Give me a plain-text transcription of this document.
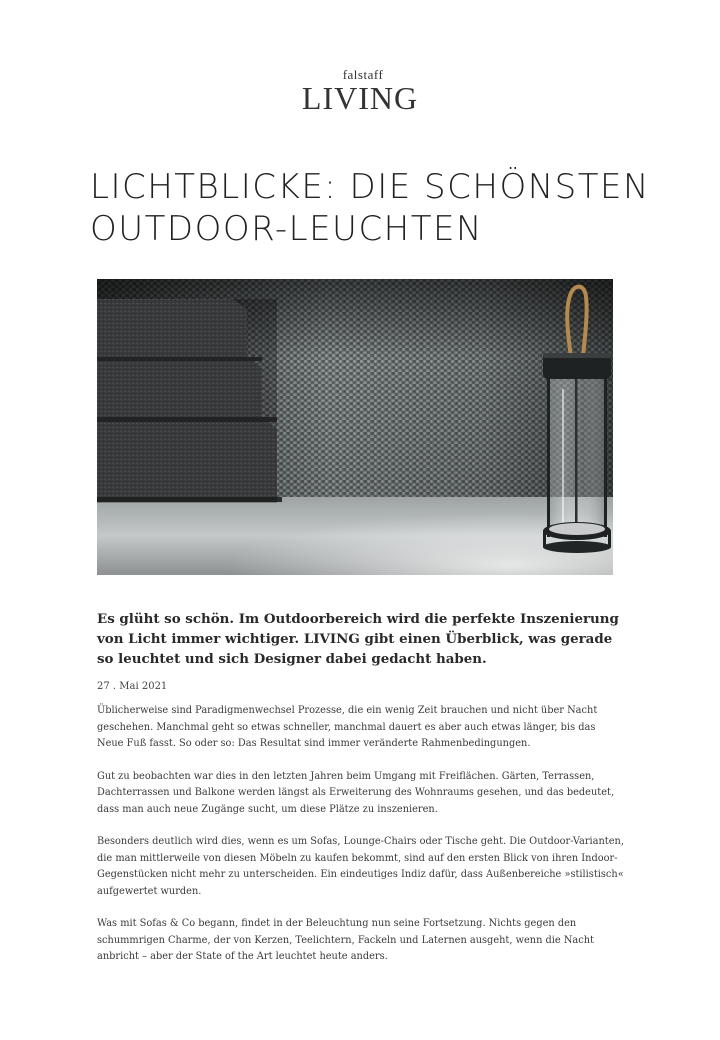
falstaff
LIVING
LICHTBLICKE: DIE SCHÖNSTEN OUTDOOR-LEUCHTEN

Es glüht so schön. Im Outdoorbereich wird die perfekte Inszenierung von Licht immer wichtiger. LIVING gibt einen Überblick, was gerade so leuchtet und sich Designer dabei gedacht haben.

27 . Mai 2021

Üblicherweise sind Paradigmenwechsel Prozesse, die ein wenig Zeit brauchen und nicht über Nacht geschehen. Manchmal geht so etwas schneller, manchmal dauert es aber auch etwas länger, bis das Neue Fuß fasst. So oder so: Das Resultat sind immer veränderte Rahmenbedingungen.

Gut zu beobachten war dies in den letzten Jahren beim Umgang mit Freiflächen. Gärten, Terrassen, Dachterrassen und Balkone werden längst als Erweiterung des Wohnraums gesehen, und das bedeutet, dass man auch neue Zugänge sucht, um diese Plätze zu inszenieren.

Besonders deutlich wird dies, wenn es um Sofas, Lounge-Chairs oder Tische geht. Die Outdoor-Varianten, die man mittlerweile von diesen Möbeln zu kaufen bekommt, sind auf den ersten Blick von ihren Indoor-Gegenstücken nicht mehr zu unterscheiden. Ein eindeutiges Indiz dafür, dass Außenbereiche »stilistisch« aufgewertet wurden.

Was mit Sofas & Co begann, findet in der Beleuchtung nun seine Fortsetzung. Nichts gegen den schummrigen Charme, der von Kerzen, Teelichtern, Fackeln und Laternen ausgeht, wenn die Nacht anbricht – aber der State of the Art leuchtet heute anders.
